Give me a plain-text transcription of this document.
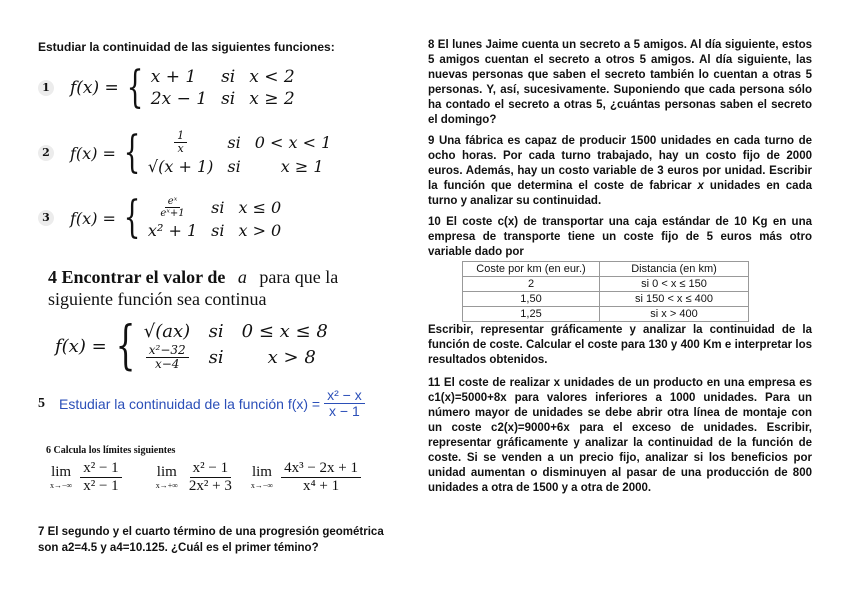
Estudiar la continuidad de las siguientes funciones:
1 f(x) = { x + 1	si x < 2
2x − 1 si x ≥ 2
2 f(x) = { $\frac{1}{x}$ si 0 < x < 1
√(x + 1) si	x ≥ 1
3 f(x) = { $\frac{\text{eˣ}}{\text{eˣ+1}}$ si x ≤ 0
x² + 1 si x > 0
4 Encontrar el valor de a para que la
siguiente función sea continua
f(x) = { √(ax) si 0 ≤ x ≤ 8
$\frac{\text{x²−32}}{x-4}$ si	x > 8
5 Estudiar la continuidad de la función $f(x) = \frac{\text{x² − x}}{x - 1}$
6 Calcula los límites siguientes
lim
$x\to-\infty \frac{\text{x² − 1}}{\text{x² − 1}}$ lim
$x\to+\infty \frac{\text{x² − 1}}{\text{2x² + 3}}$ lim
$x\to-\infty \frac{\text{4x³ − 2x + 1}}{\text{x⁴ + 1}}$
7 El segundo y el cuarto término de una progresión geométrica
son a2=4.5 y a4=10.125. ¿Cuál es el primer témino?

8 El lunes Jaime cuenta un secreto a 5 amigos. Al día siguiente, estos 5 amigos cuentan el secreto a otros 5 amigos. Al día siguiente, las nuevas personas que saben el secreto también lo cuentan a otras 5 personas. Y, así, sucesivamente. Suponiendo que cada persona sólo ha contado el secreto a otras 5, ¿cuántas personas saben el secreto el domingo?

9 Una fábrica es capaz de producir 1500 unidades en cada turno de ocho horas. Por cada turno trabajado, hay un costo fijo de 2000 euros. Además, hay un costo variable de 3 euros por unidad. Escribir la función que determina el coste de fabricar x unidades en cada turno y analizar su continuidad.

10 El coste c(x) de transportar una caja estándar de 10 Kg en una empresa de transporte tiene un coste fijo de 5 euros más otro variable dado por

Coste por km (en eur.)	Distancia (en km)
2	si 0 < x ≤ 150
1,50	si 150 < x ≤ 400
1,25	si x > 400

Escribir, representar gráficamente y analizar la continuidad de la función de coste. Calcular el coste para 130 y 400 Km e interpretar los resultados obtenidos.

11 El coste de realizar x unidades de un producto en una empresa es c1(x)=5000+8x para valores inferiores a 1000 unidades. Para un número mayor de unidades se debe abrir otra línea de montaje con un coste c2(x)=9000+6x para el exceso de unidades. Escribir, representar gráficamente y analizar la continuidad de la función de coste. Si se venden a un precio fijo, analizar si los beneficios por unidad aumentan o disminuyen al pasar de una producción de 800 unidades a otra de 1500 y a otra de 2000.
